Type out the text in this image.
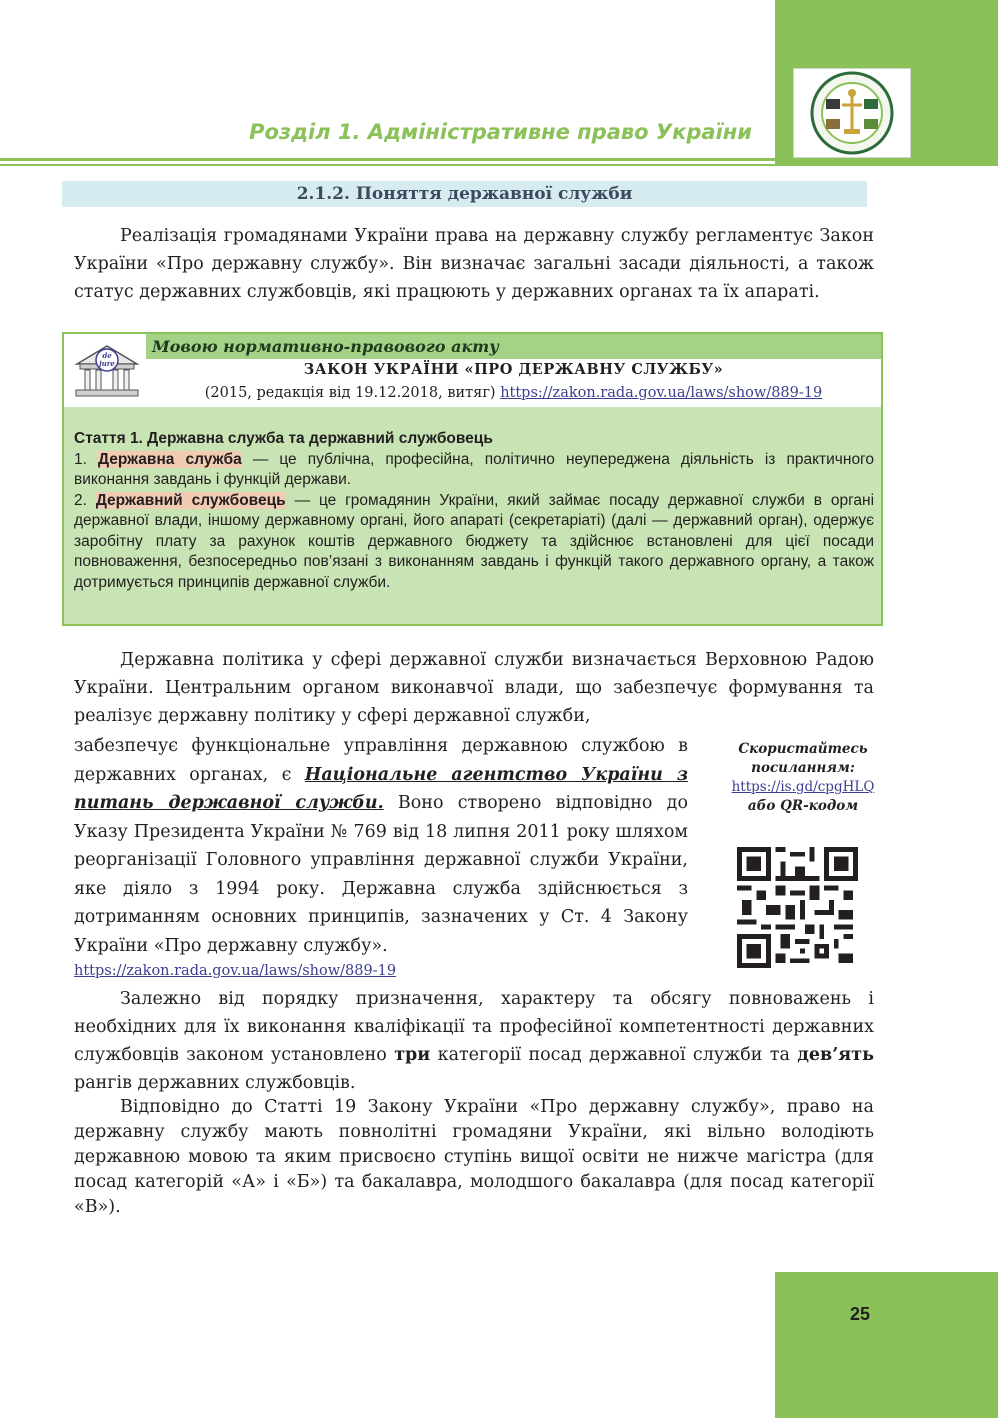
Розділ 1. Адміністративне право України
2.1.2. Поняття державної служби

Реалізація громадянами України права на державну службу регламентує Закон України «Про державну службу». Він визначає загальні засади діяльності, а також статус державних службовців, які працюють у державних органах та їх апараті.

de
jure
Мовою нормативно-правового акту
ЗАКОН УКРАЇНИ «ПРО ДЕРЖАВНУ СЛУЖБУ»
(2015, редакція від 19.12.2018, витяг) https://zakon.rada.gov.ua/laws/show/889-19

Стаття 1. Державна служба та державний службовець

1. Державна служба — це публічна, професійна, політично неупереджена діяльність із практичного виконання завдань і функцій держави.

2. Державний службовець — це громадянин України, який займає посаду державної служби в органі державної влади, іншому державному органі, його апараті (секретаріаті) (далі — державний орган), одержує заробітну плату за рахунок коштів державного бюджету та здійснює встановлені для цієї посади повноваження, безпосередньо пов’язані з виконанням завдань і функцій такого державного органу, а також дотримується принципів державної служби.

Державна політика у сфері державної служби визначається Верховною Радою України. Центральним органом виконавчої влади, що забезпечує формування та реалізує державну політику у сфері державної служби,

забезпечує функціональне управління державною службою в державних органах, є Національне агентство України з питань державної служби. Воно створено відповідно до Указу Президента України № 769 від 18 липня 2011 року шляхом реорганізації Головного управління державної служби України, яке діяло з 1994 року. Державна служба здійснюється з дотриманням основних принципів, зазначених у Ст. 4 Закону України «Про державну службу».

https://zakon.rada.gov.ua/laws/show/889-19

Скористайтесь посиланням:
https://is.gd/cpgHLQ
або QR-кодом

Залежно від порядку призначення, характеру та обсягу повноважень і необхідних для їх виконання кваліфікації та професійної компетентності державних службовців законом установлено три категорії посад державної служби та дев’ять рангів державних службовців.

Відповідно до Статті 19 Закону України «Про державну службу», право на державну службу мають повнолітні громадяни України, які вільно володіють державною мовою та яким присвоєно ступінь вищої освіти не нижче магістра (для посад категорій «А» і «Б») та бакалавра, молодшого бакалавра (для посад категорії «В»).

25
